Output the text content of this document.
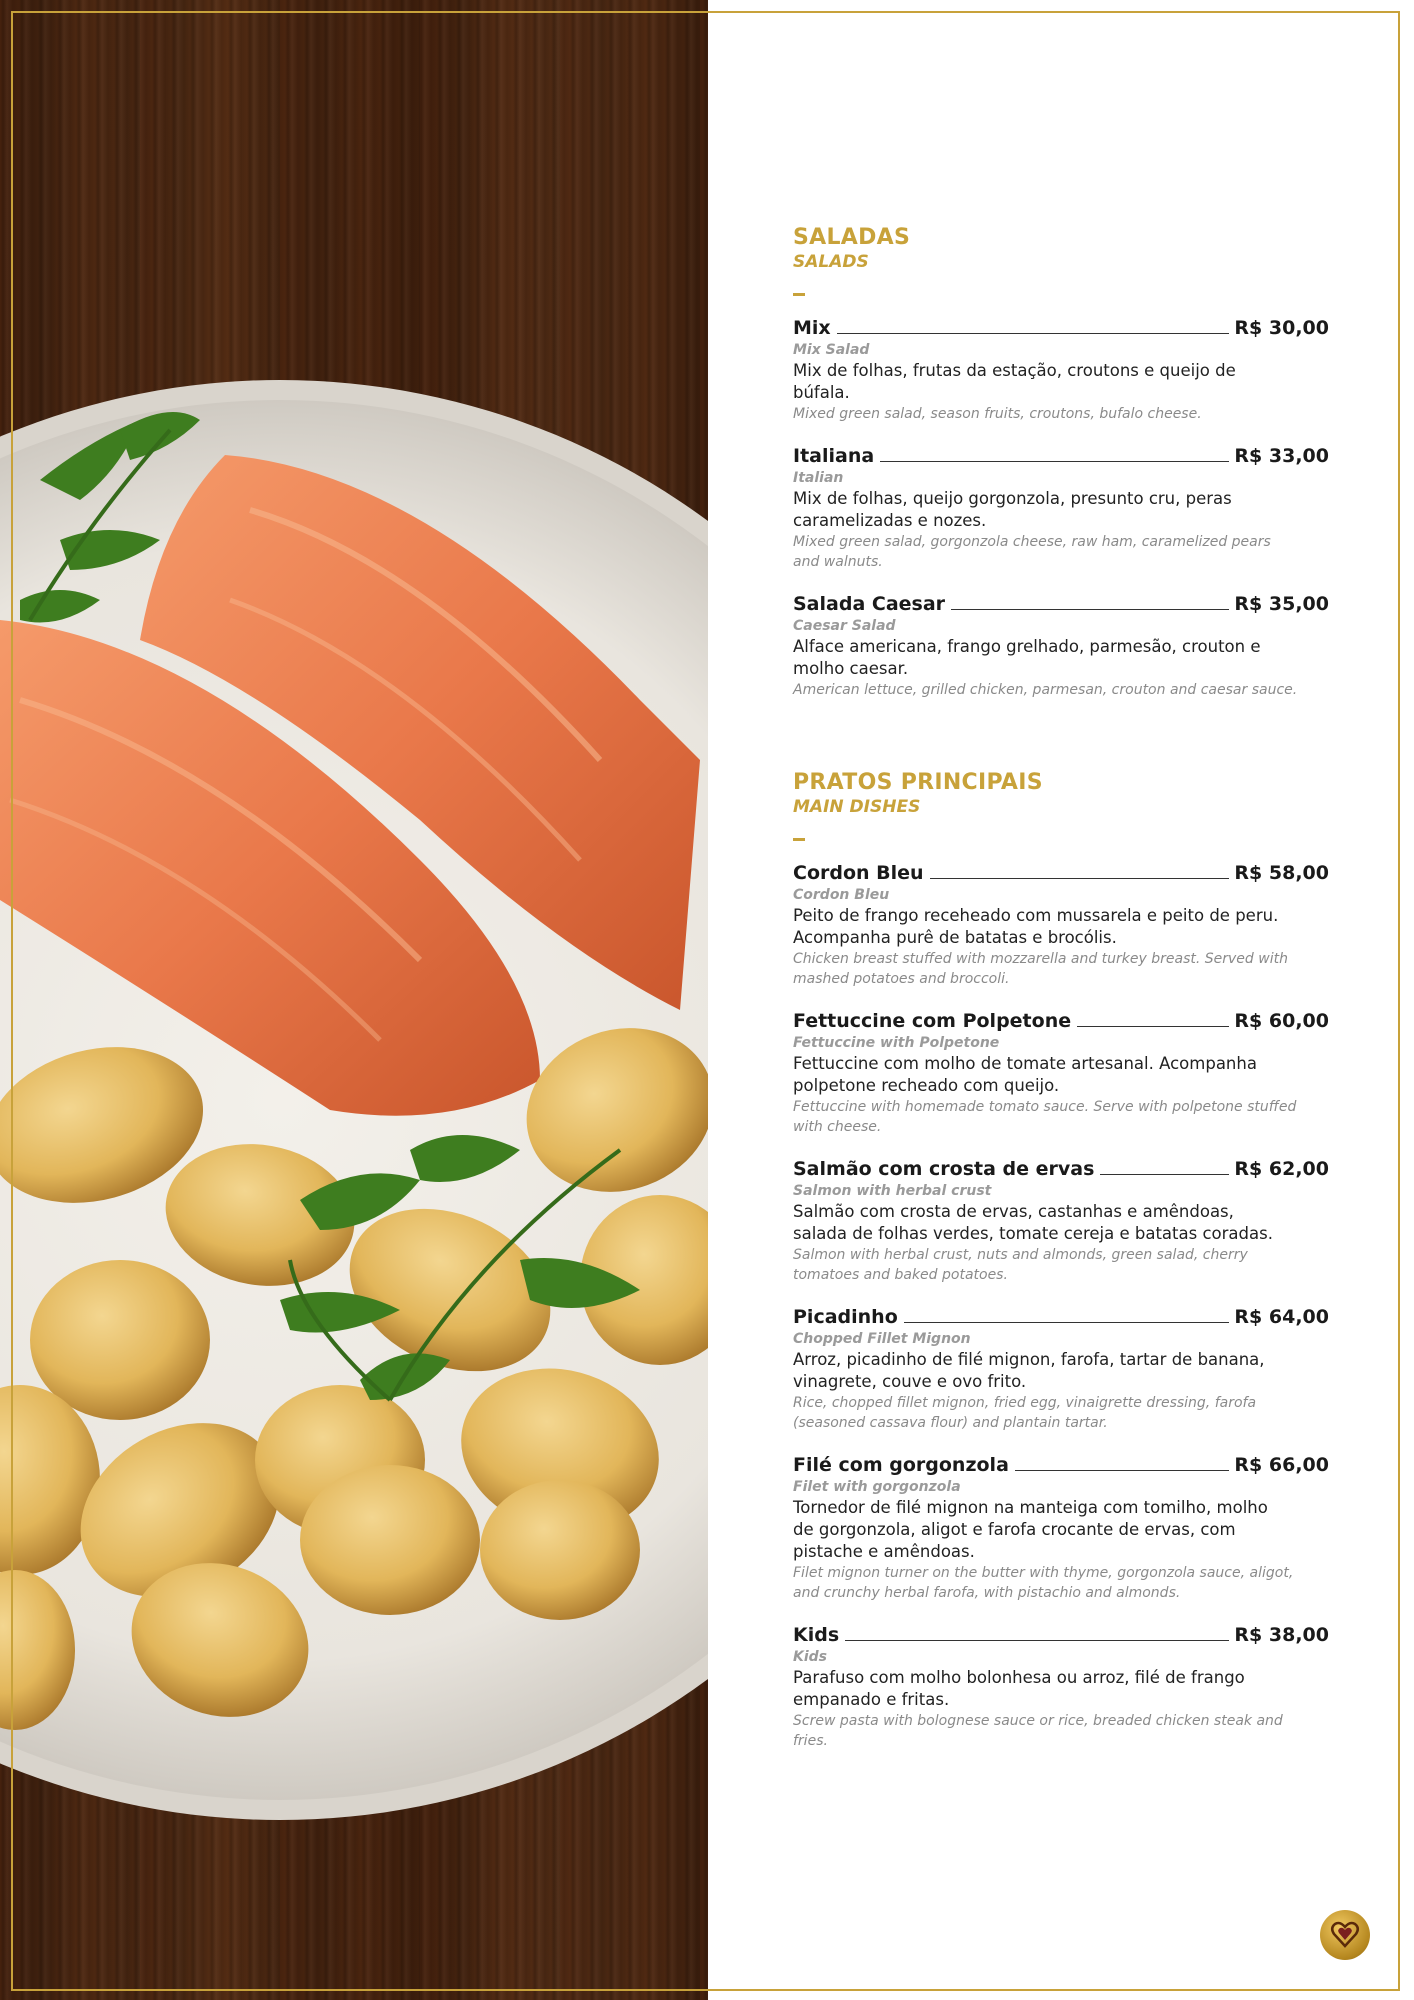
SALADAS
SALADS
Mix	R$ 30,00
Mix Salad
Mix de folhas, frutas da estação, croutons e queijo de búfala.
Mixed green salad, season fruits, croutons, bufalo cheese.
Italiana	R$ 33,00
Italian
Mix de folhas, queijo gorgonzola, presunto cru, peras caramelizadas e nozes.
Mixed green salad, gorgonzola cheese, raw ham, caramelized pears and walnuts.
Salada Caesar	R$ 35,00
Caesar Salad
Alface americana, frango grelhado, parmesão, crouton e molho caesar.
American lettuce, grilled chicken, parmesan, crouton and caesar sauce.
PRATOS PRINCIPAIS
MAIN DISHES
Cordon Bleu	R$ 58,00
Cordon Bleu
Peito de frango receheado com mussarela e peito de peru. Acompanha purê de batatas e brocólis.
Chicken breast stuffed with mozzarella and turkey breast. Served with mashed potatoes and broccoli.
Fettuccine com Polpetone	R$ 60,00
Fettuccine with Polpetone
Fettuccine com molho de tomate artesanal. Acompanha polpetone recheado com queijo.
Fettuccine with homemade tomato sauce. Serve with polpetone stuffed with cheese.
Salmão com crosta de ervas	R$ 62,00
Salmon with herbal crust
Salmão com crosta de ervas, castanhas e amêndoas, salada de folhas verdes, tomate cereja e batatas coradas.
Salmon with herbal crust, nuts and almonds, green salad, cherry tomatoes and baked potatoes.
Picadinho	R$ 64,00
Chopped Fillet Mignon
Arroz, picadinho de filé mignon, farofa, tartar de banana, vinagrete, couve e ovo frito.
Rice, chopped fillet mignon, fried egg, vinaigrette dressing, farofa (seasoned cassava flour) and plantain tartar.
Filé com gorgonzola	R$ 66,00
Filet with gorgonzola
Tornedor de filé mignon na manteiga com tomilho, molho de gorgonzola, aligot e farofa crocante de ervas, com pistache e amêndoas.
Filet mignon turner on the butter with thyme, gorgonzola sauce, aligot, and crunchy herbal farofa, with pistachio and almonds.
Kids	R$ 38,00
Kids
Parafuso com molho bolonhesa ou arroz, filé de frango empanado e fritas.
Screw pasta with bolognese sauce or rice, breaded chicken steak and fries.
